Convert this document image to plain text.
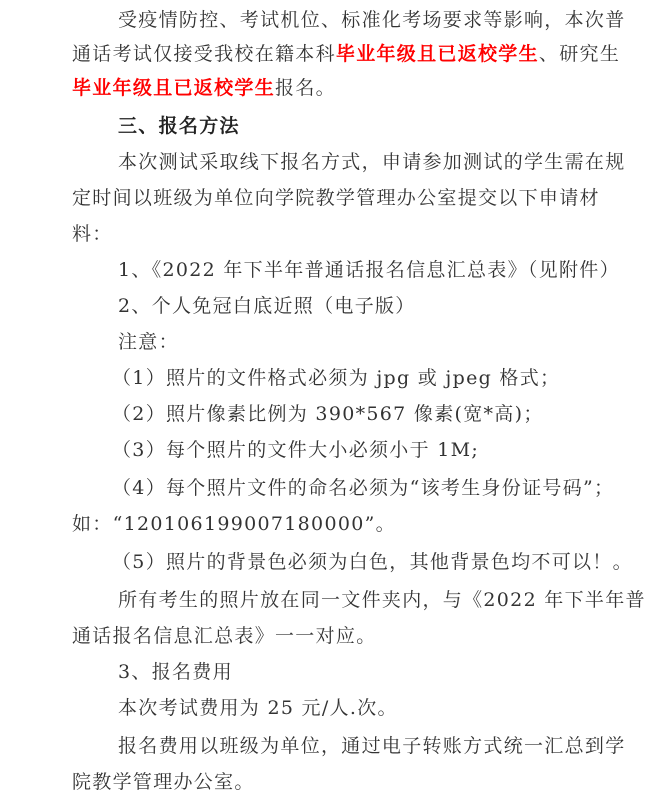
受疫情防控、考试机位、标准化考场要求等影响，本次普
通话考试仅接受我校在籍本科毕业年级且已返校学生、研究生
毕业年级且已返校学生报名。
三、报名方法
本次测试采取线下报名方式，申请参加测试的学生需在规
定时间以班级为单位向学院教学管理办公室提交以下申请材
料：
1、《2022 年下半年普通话报名信息汇总表》（见附件）
2、个人免冠白底近照（电子版）
注意：
（1）照片的文件格式必须为 jpg 或 jpeg 格式；
（2）照片像素比例为 390*567 像素(宽*高)；
（3）每个照片的文件大小必须小于 1M;
（4）每个照片文件的命名必须为“该考生身份证号码”；
如：“120106199007180000”。
（5）照片的背景色必须为白色，其他背景色均不可以！。
所有考生的照片放在同一文件夹内，与《2022 年下半年普
通话报名信息汇总表》一一对应。
3、报名费用
本次考试费用为 25 元/人.次。
报名费用以班级为单位，通过电子转账方式统一汇总到学
院教学管理办公室。
